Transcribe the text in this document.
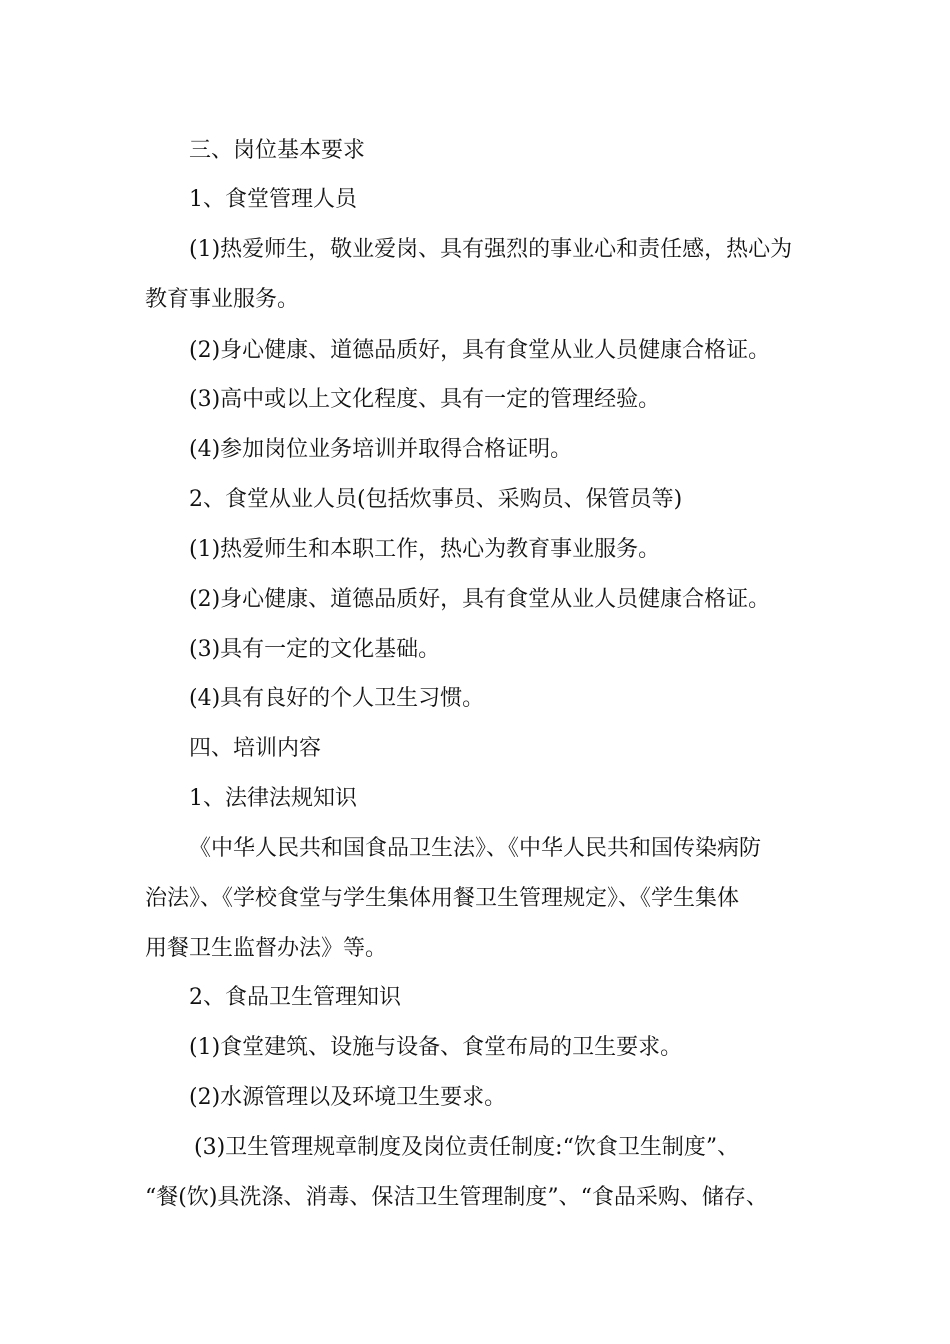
三、岗位基本要求
1、食堂管理人员
(1)热爱师生，敬业爱岗、具有强烈的事业心和责任感，热心为
教育事业服务。
(2)身心健康、道德品质好，具有食堂从业人员健康合格证。
(3)高中或以上文化程度、具有一定的管理经验。
(4)参加岗位业务培训并取得合格证明。
2、食堂从业人员(包括炊事员、采购员、保管员等)
(1)热爱师生和本职工作，热心为教育事业服务。
(2)身心健康、道德品质好，具有食堂从业人员健康合格证。
(3)具有一定的文化基础。
(4)具有良好的个人卫生习惯。
四、培训内容
1、法律法规知识
《中华人民共和国食品卫生法》、《中华人民共和国传染病防
治法》、《学校食堂与学生集体用餐卫生管理规定》、《学生集体
用餐卫生监督办法》等。
2、食品卫生管理知识
(1)食堂建筑、设施与设备、食堂布局的卫生要求。
(2)水源管理以及环境卫生要求。
(3)卫生管理规章制度及岗位责任制度:“饮食卫生制度”、
“餐(饮)具洗涤、消毒、保洁卫生管理制度”、“食品采购、储存、
